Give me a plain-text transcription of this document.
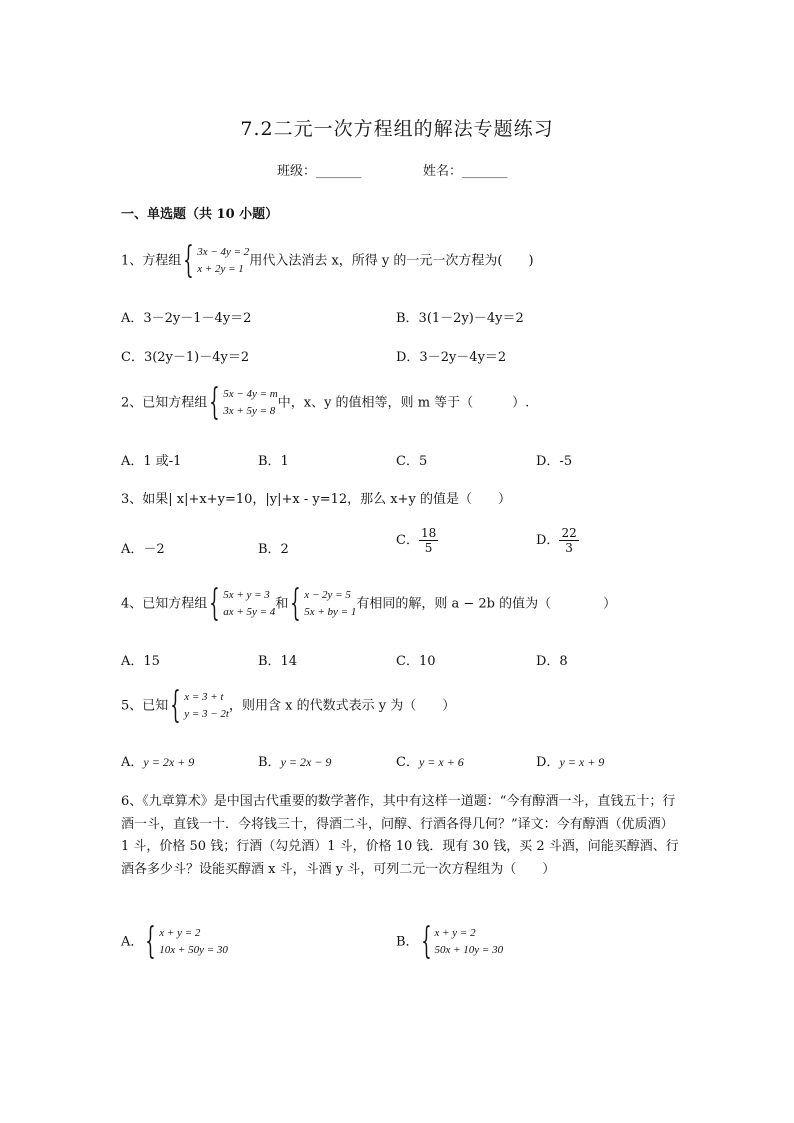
7.2二元一次方程组的解法专题练习
班级：_______	姓名：_______
一、单选题（共 10 小题）
1、方程组 { 3x − 4y = 2
x + 2y = 1
用代入法消去 x，所得 y 的一元一次方程为(　　)
A．3－2y－1－4y＝2	B．3(1－2y)－4y＝2
C．3(2y－1)－4y＝2	D．3－2y－4y＝2
2、已知方程组 { 5x − 4y = m
3x + 5y = 8
中，x、y 的值相等，则 m 等于（　　　）.
A．1 或-1	B．1	C．5	D．-5
3、如果| x|+x+y=10，|y|+x - y=12，那么 x+y 的值是（　　）
A．－2	B．2
C． $\frac{18}{5}$	D． $\frac{22}{3}$
4、已知方程组 { 5x + y = 3
ax + 5y = 4
和 { x − 2y = 5
5x + by = 1
有相同的解，则 a − 2b 的值为（　　　　）
A．15	B．14	C．10	D．8
5、已知 { x = 3 + t
y = 3 − 2t
，则用含 x 的代数式表示 y 为（　　）
A．y = 2x + 9	B．y = 2x − 9	C．y = x + 6	D．y = x + 9
6、《九章算术》是中国古代重要的数学著作，其中有这样一道题：“今有醇酒一斗，直钱五十；行酒一斗，直钱一十．今将钱三十，得酒二斗，问醇、行酒各得几何？”译文：今有醇酒（优质酒）1 斗，价格 50 钱；行酒（勾兑酒）1 斗，价格 10 钱．现有 30 钱，买 2 斗酒，问能买醇酒、行酒各多少斗？设能买醇酒 x 斗，斗酒 y 斗，可列二元一次方程组为（　　）
A． { x + y = 2
10x + 50y = 30
B． { x + y = 2
50x + 10y = 30
